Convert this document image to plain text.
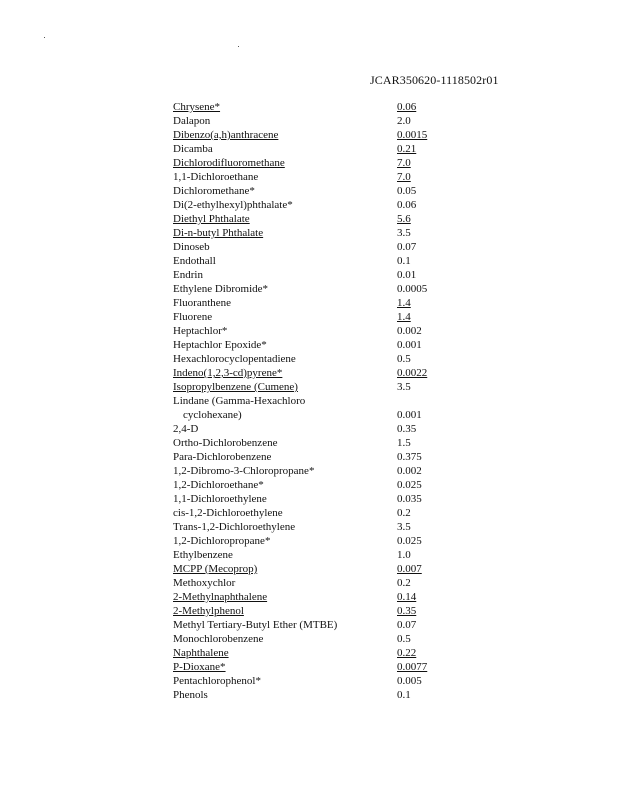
JCAR350620-1118502r01
Chrysene*	0.06
Dalapon	2.0
Dibenzo(a,h)anthracene	0.0015
Dicamba	0.21
Dichlorodifluoromethane	7.0
1,1-Dichloroethane	7.0
Dichloromethane*	0.05
Di(2-ethylhexyl)phthalate*	0.06
Diethyl Phthalate	5.6
Di-n-butyl Phthalate	3.5
Dinoseb	0.07
Endothall	0.1
Endrin	0.01
Ethylene Dibromide*	0.0005
Fluoranthene	1.4
Fluorene	1.4
Heptachlor*	0.002
Heptachlor Epoxide*	0.001
Hexachlorocyclopentadiene	0.5
Indeno(1,2,3-cd)pyrene*	0.0022
Isopropylbenzene (Cumene)	3.5
Lindane (Gamma-Hexachloro
cyclohexane)	0.001
2,4-D	0.35
Ortho-Dichlorobenzene	1.5
Para-Dichlorobenzene	0.375
1,2-Dibromo-3-Chloropropane*	0.002
1,2-Dichloroethane*	0.025
1,1-Dichloroethylene	0.035
cis-1,2-Dichloroethylene	0.2
Trans-1,2-Dichloroethylene	3.5
1,2-Dichloropropane*	0.025
Ethylbenzene	1.0
MCPP (Mecoprop)	0.007
Methoxychlor	0.2
2-Methylnaphthalene	0.14
2-Methylphenol	0.35
Methyl Tertiary-Butyl Ether (MTBE)	0.07
Monochlorobenzene	0.5
Naphthalene	0.22
P-Dioxane*	0.0077
Pentachlorophenol*	0.005
Phenols	0.1
